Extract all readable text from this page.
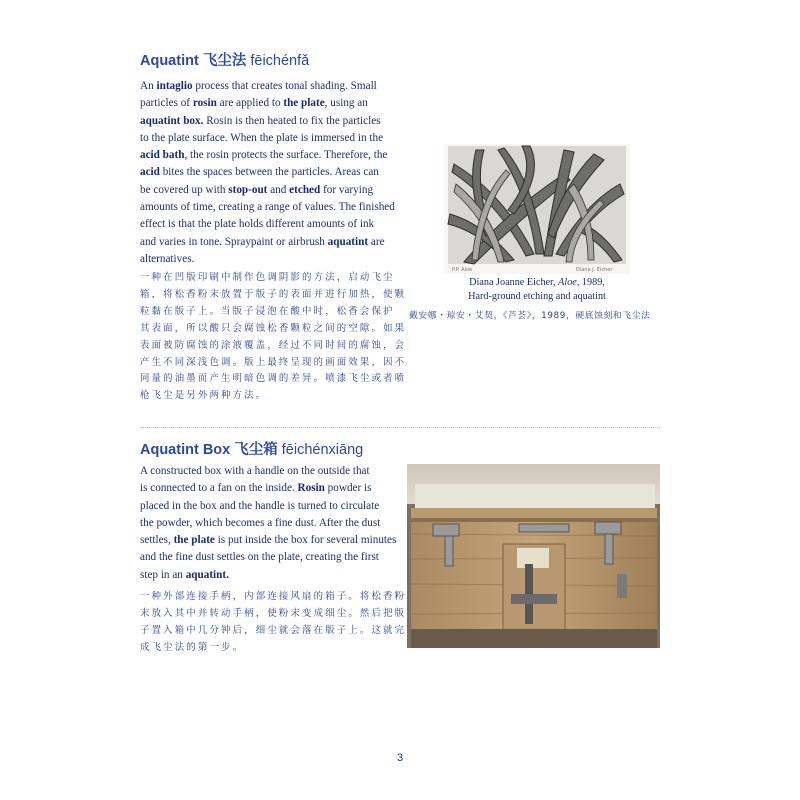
Aquatint 飞尘法 fēichénfǎ
An intaglio process that creates tonal shading. Small
particles of rosin are applied to the plate, using an
aquatint box. Rosin is then heated to fix the particles
to the plate surface. When the plate is immersed in the
acid bath, the rosin protects the surface. Therefore, the
acid bites the spaces between the particles. Areas can
be covered up with stop-out and etched for varying
amounts of time, creating a range of values. The finished
effect is that the plate holds different amounts of ink
and varies in tone. Spraypaint or airbrush aquatint are
alternatives.
一种在凹版印刷中制作色调阴影的方法，启动飞尘
箱，将松香粉末放置于版子的表面并进行加热，使颗
粒黏在版子上。当版子浸泡在酸中时，松香会保护
其表面，所以酸只会腐蚀松香颗粒之间的空隙。如果
表面被防腐蚀的涂液覆盖，经过不同时间的腐蚀，会
产生不同深浅色调。版上最终呈现的画面效果，因不
同量的油墨而产生明暗色调的差异。喷漆飞尘或者喷
枪飞尘是另外两种方法。
P.P. Aloe	Diana J. Eicher
Diana Joanne Eicher, Aloe, 1989,
Hard-ground etching and aquatint
戴安娜・琼安・艾契，《芦荟》，1989，硬底蚀刻和飞尘法
Aquatint Box 飞尘箱 fēichénxiāng
A constructed box with a handle on the outside that
is connected to a fan on the inside. Rosin powder is
placed in the box and the handle is turned to circulate
the powder, which becomes a fine dust. After the dust
settles, the plate is put inside the box for several minutes
and the fine dust settles on the plate, creating the first
step in an aquatint.
一种外部连接手柄，内部连接风扇的箱子。将松香粉
末放入其中并转动手柄，使粉末变成细尘。然后把版
子置入箱中几分钟后，细尘就会落在版子上。这就完
成飞尘法的第一步。
3
